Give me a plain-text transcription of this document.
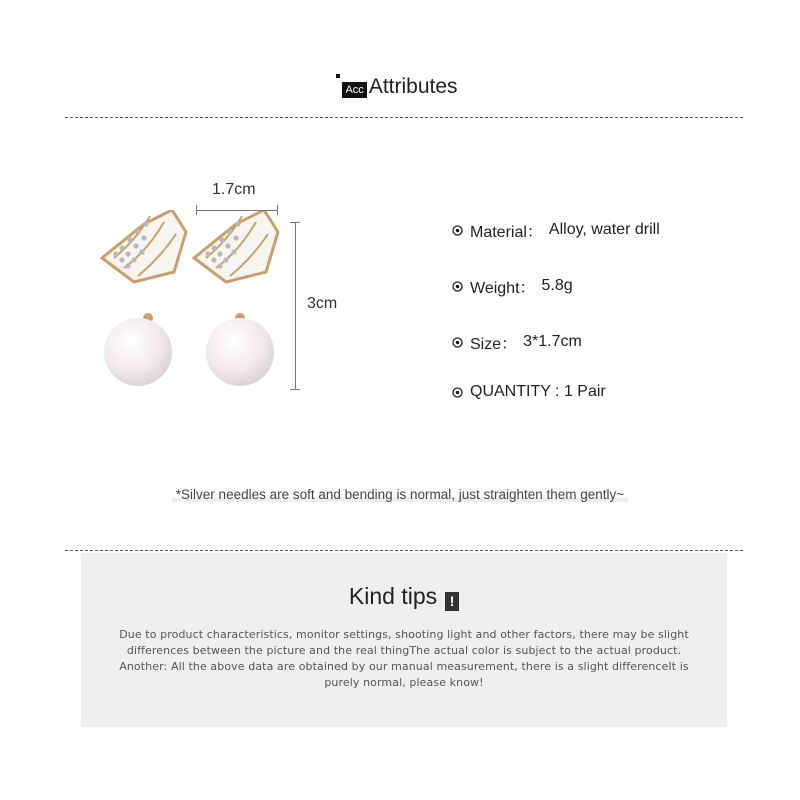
Acc Attributes
1.7cm
3cm
Material： Alloy, water drill
Weight： 5.8g
Size： 3*1.7cm
QUANTITY : 1 Pair
*Silver needles are soft and bending is normal, just straighten them gently~
Kind tips !
Due to product characteristics, monitor settings, shooting light and other factors, there may be slight differences between the picture and the real thingThe actual color is subject to the actual product. Another: All the above data are obtained by our manual measurement, there is a slight differenceIt is purely normal, please know!
